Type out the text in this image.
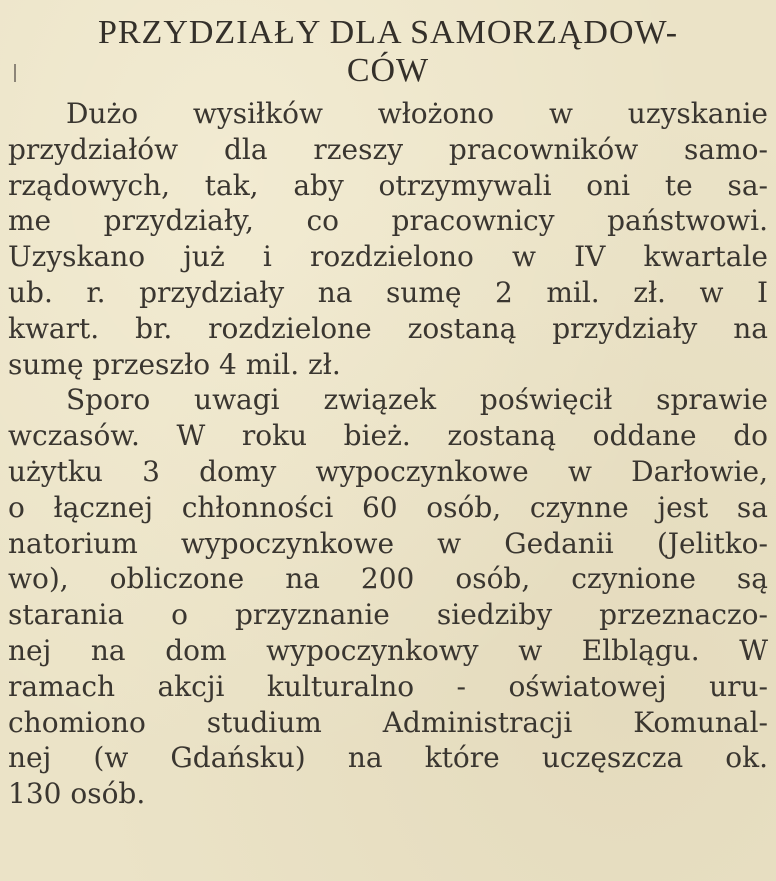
PRZYDZIAŁY DLA SAMORZĄDOW-
CÓW
Dużo wysiłków włożono w uzyskanie
przydziałów dla rzeszy pracowników samo-
rządowych, tak, aby otrzymywali oni te sa-
me przydziały, co pracownicy państwowi.
Uzyskano już i rozdzielono w IV kwartale
ub. r. przydziały na sumę 2 mil. zł. w I
kwart. br. rozdzielone zostaną przydziały na
sumę przeszło 4 mil. zł.
Sporo uwagi związek poświęcił sprawie
wczasów. W roku bież. zostaną oddane do
użytku 3 domy wypoczynkowe w Darłowie,
o łącznej chłonności 60 osób, czynne jest sa
natorium wypoczynkowe w Gedanii (Jelitko-
wo), obliczone na 200 osób, czynione są
starania o przyznanie siedziby przeznaczo-
nej na dom wypoczynkowy w Elblągu. W
ramach akcji kulturalno - oświatowej uru-
chomiono studium Administracji Komunal-
nej (w Gdańsku) na które uczęszcza ok.
130 osób.
